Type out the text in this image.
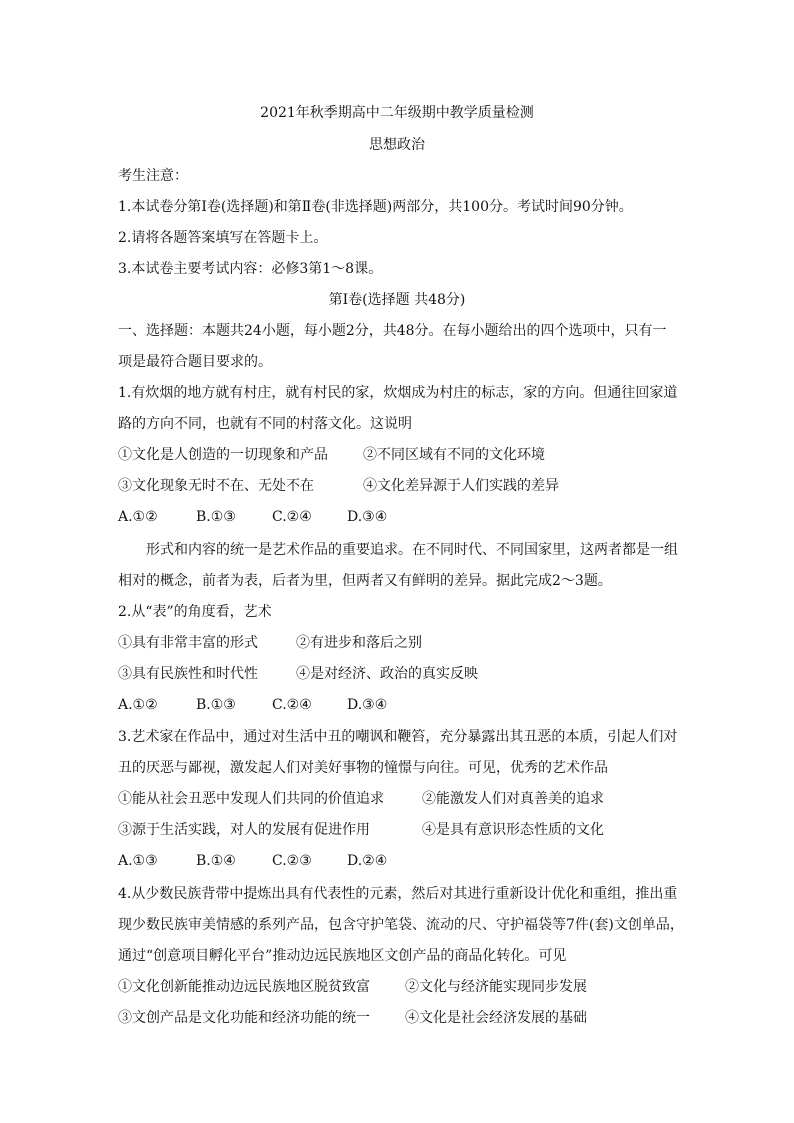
2021年秋季期高中二年级期中教学质量检测
思想政治
考生注意：
1.本试卷分第Ⅰ卷(选择题)和第Ⅱ卷(非选择题)两部分，共100分。考试时间90分钟。
2.请将各题答案填写在答题卡上。
3.本试卷主要考试内容：必修3第1～8课。
第Ⅰ卷(选择题 共48分)
一、选择题：本题共24小题，每小题2分，共48分。在每小题给出的四个选项中，只有一
项是最符合题目要求的。
1.有炊烟的地方就有村庄，就有村民的家，炊烟成为村庄的标志，家的方向。但通往回家道
路的方向不同，也就有不同的村落文化。这说明
①文化是人创造的一切现象和产品	②不同区域有不同的文化环境
③文化现象无时不在、无处不在	④文化差异源于人们实践的差异
A.①②	B.①③	C.②④	D.③④
形式和内容的统一是艺术作品的重要追求。在不同时代、不同国家里，这两者都是一组
相对的概念，前者为表，后者为里，但两者又有鲜明的差异。据此完成2～3题。
2.从“表”的角度看，艺术
①具有非常丰富的形式	②有进步和落后之别
③具有民族性和时代性	④是对经济、政治的真实反映
A.①②	B.①③	C.②④	D.③④
3.艺术家在作品中，通过对生活中丑的嘲讽和鞭笞，充分暴露出其丑恶的本质，引起人们对
丑的厌恶与鄙视，激发起人们对美好事物的憧憬与向往。可见，优秀的艺术作品
①能从社会丑恶中发现人们共同的价值追求	②能激发人们对真善美的追求
③源于生活实践，对人的发展有促进作用	④是具有意识形态性质的文化
A.①③	B.①④	C.②③	D.②④
4.从少数民族背带中提炼出具有代表性的元素，然后对其进行重新设计优化和重组，推出重
现少数民族审美情感的系列产品，包含守护笔袋、流动的尺、守护福袋等7件(套)文创单品，
通过“创意项目孵化平台”推动边远民族地区文创产品的商品化转化。可见
①文化创新能推动边远民族地区脱贫致富	②文化与经济能实现同步发展
③文创产品是文化功能和经济功能的统一	④文化是社会经济发展的基础
